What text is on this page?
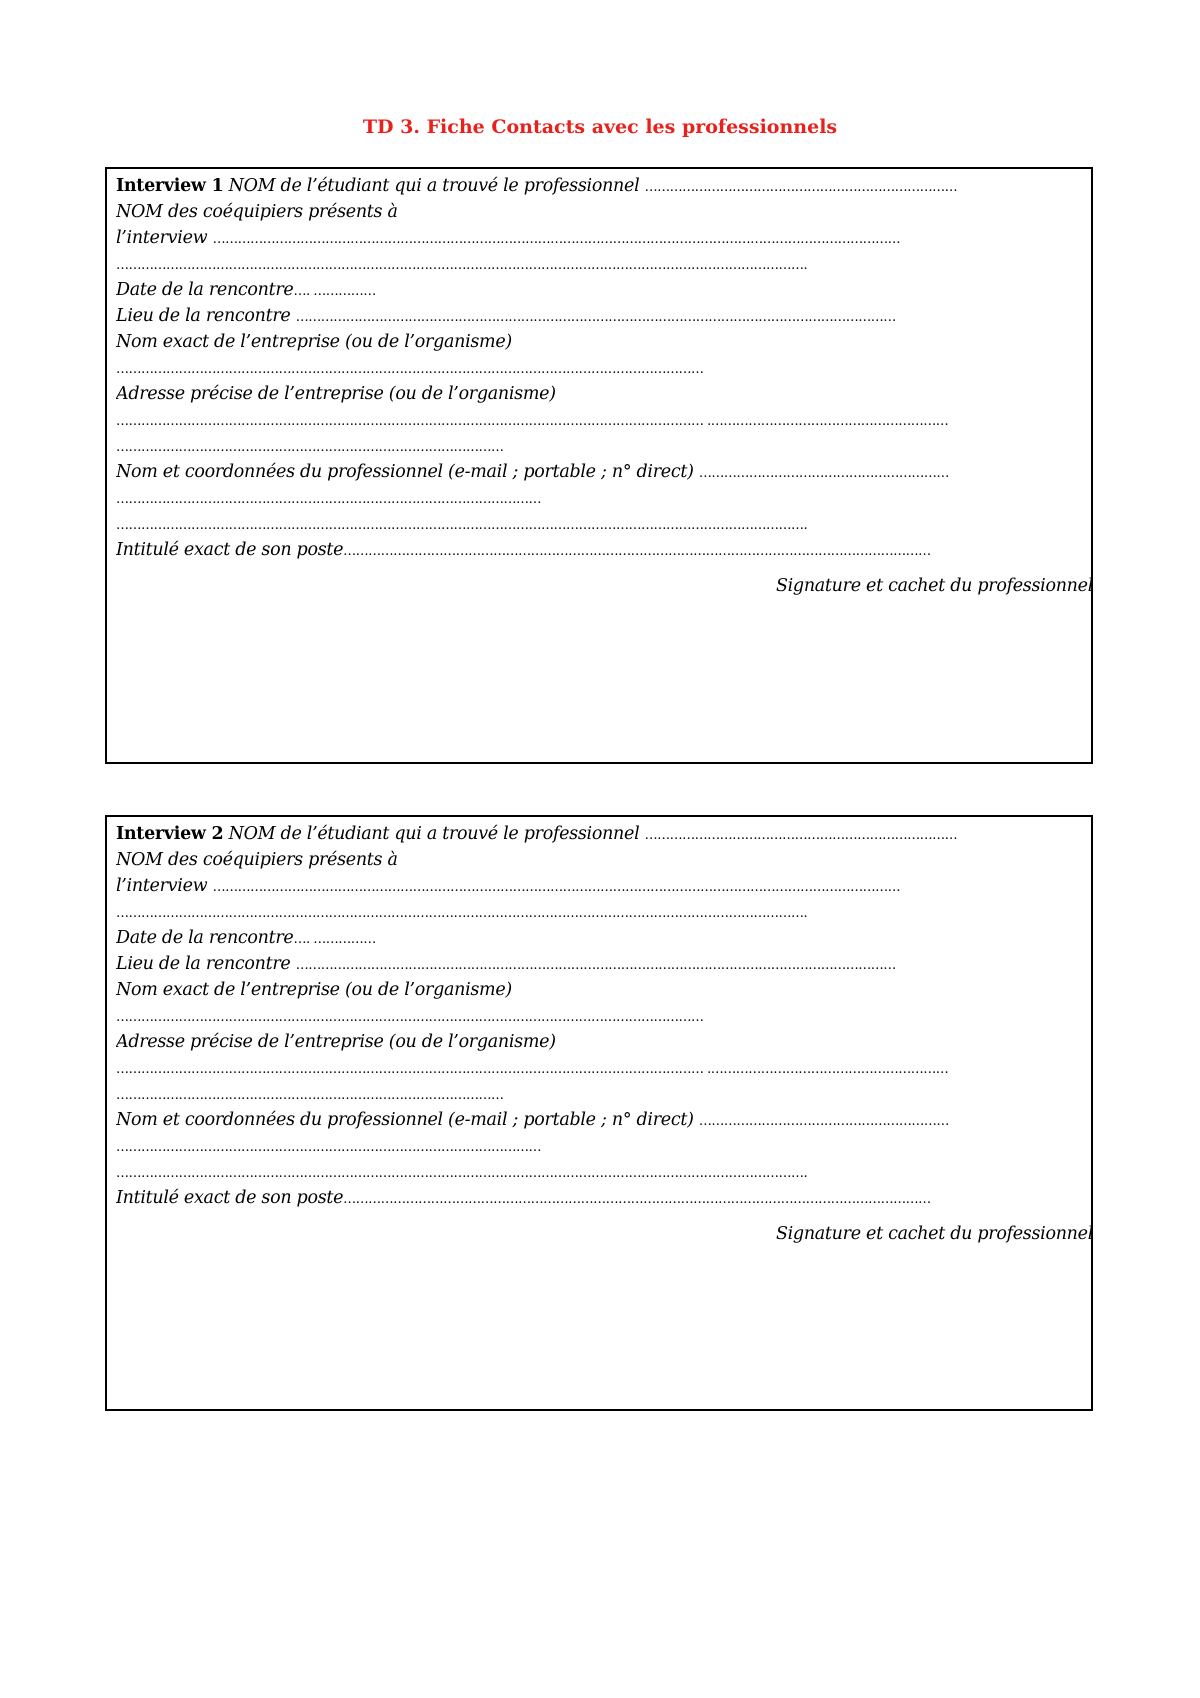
TD 3. Fiche Contacts avec les professionnels
Interview 1 NOM de l’étudiant qui a trouvé le professionnel …………………………………………………………………
NOM des coéquipiers présents à
l’interview …………………………………………………………………………………………………………………………………………………
………………………………………………………………………………………………………………………………………………….
Date de la rencontre…. ……………
Lieu de la rencontre ………………………………………………………………………………………………………………………………
Nom exact de l’entreprise (ou de l’organisme)
……………………………………………………………………………………………………………………………
Adresse précise de l’entreprise (ou de l’organisme)
…………………………………………………………………………………………………………………………… .…………………………………………………
…………………………………………………………………………………
Nom et coordonnées du professionnel (e-mail ; portable ; n° direct) ……………………………………………………
…………………………………………………………………………………………
………………………………………………………………………………………………………………………………………………….
Intitulé exact de son poste……………………………………………………………………………………………………………………………
Signature et cachet du professionnel
Interview 2 NOM de l’étudiant qui a trouvé le professionnel …………………………………………………………………
NOM des coéquipiers présents à
l’interview …………………………………………………………………………………………………………………………………………………
………………………………………………………………………………………………………………………………………………….
Date de la rencontre…. ……………
Lieu de la rencontre ………………………………………………………………………………………………………………………………
Nom exact de l’entreprise (ou de l’organisme)
……………………………………………………………………………………………………………………………
Adresse précise de l’entreprise (ou de l’organisme)
…………………………………………………………………………………………………………………………… .…………………………………………………
…………………………………………………………………………………
Nom et coordonnées du professionnel (e-mail ; portable ; n° direct) ……………………………………………………
…………………………………………………………………………………………
………………………………………………………………………………………………………………………………………………….
Intitulé exact de son poste……………………………………………………………………………………………………………………………
Signature et cachet du professionnel
